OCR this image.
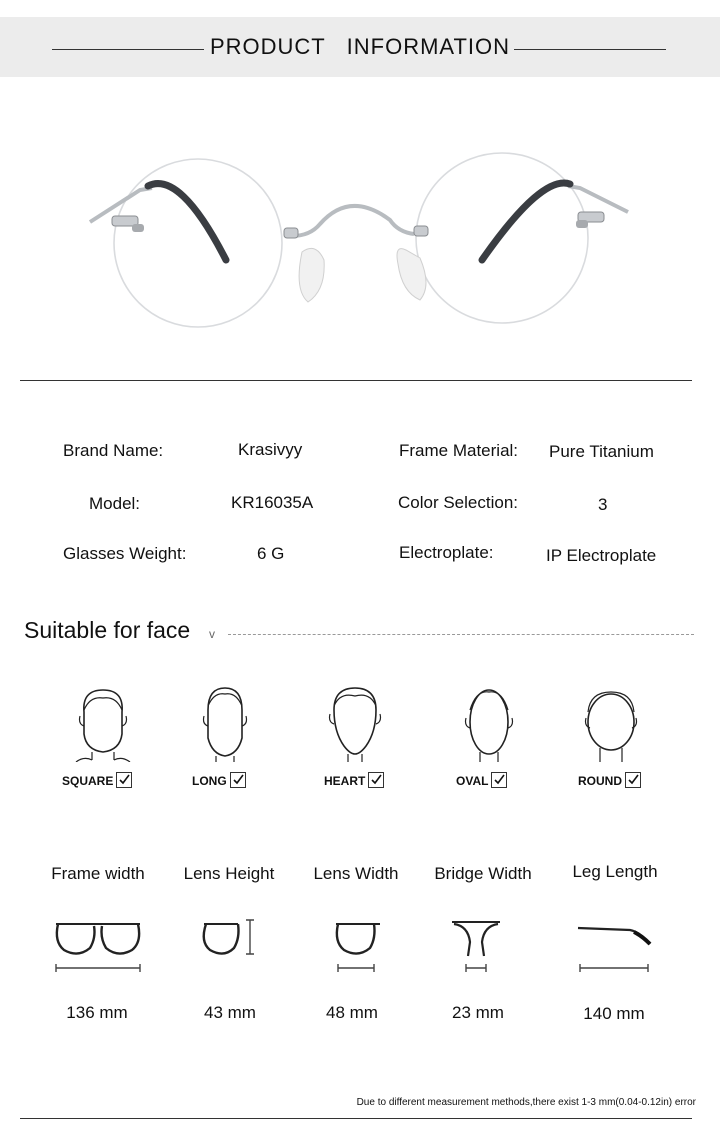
PRODUCT   INFORMATION
Brand Name:	Krasivyy	Frame Material: Pure Titanium
Model:	KR16035A	Color Selection:	3
Glasses Weight:	6 G	Electroplate:	IP Electroplate
Suitable for face v
SQUARE	LONG	HEART	OVAL	ROUND
Frame width	Lens Height	Lens Width	Bridge Width	Leg Length
136 mm	43 mm	48 mm	23 mm	140 mm
Due to different measurement methods,there exist 1-3 mm(0.04-0.12in) error
